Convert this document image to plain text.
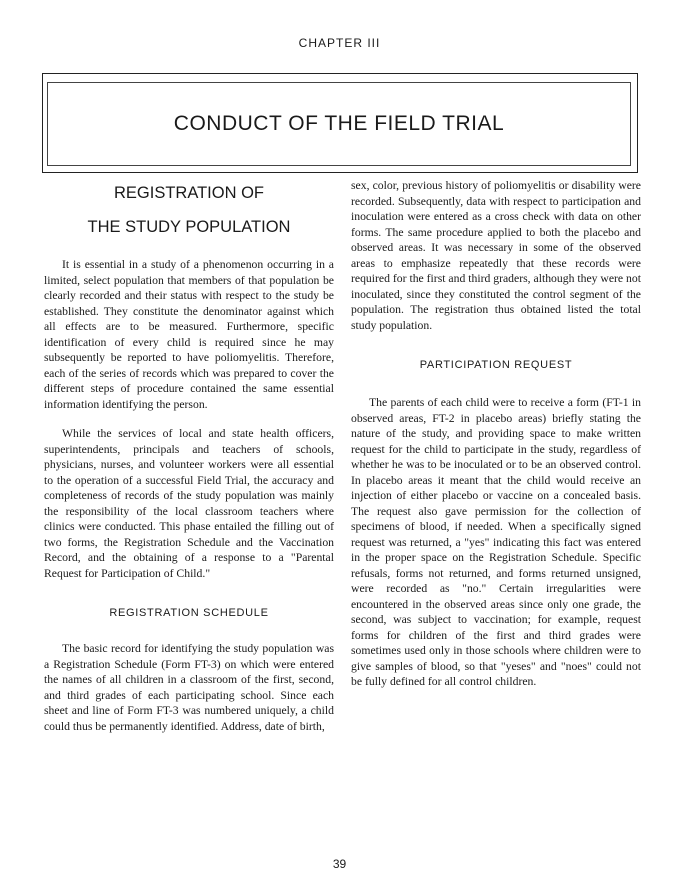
CHAPTER III
CONDUCT OF THE FIELD TRIAL
REGISTRATION OF
THE STUDY POPULATION

It is essential in a study of a phenomenon occurring in a limited, select population that members of that population be clearly recorded and their status with respect to the study be established. They constitute the denominator against which all effects are to be measured. Furthermore, specific identification of every child is required since he may subsequently be reported to have poliomyelitis. Therefore, each of the series of records which was prepared to cover the different steps of procedure contained the same essential information identifying the person.

While the services of local and state health officers, superintendents, principals and teachers of schools, physicians, nurses, and volunteer workers were all essential to the operation of a successful Field Trial, the accuracy and completeness of records of the study population was mainly the responsibility of the local classroom teachers where clinics were conducted. This phase entailed the filling out of two forms, the Registration Schedule and the Vaccination Record, and the obtaining of a response to a "Parental Request for Participation of Child."

REGISTRATION SCHEDULE

The basic record for identifying the study population was a Registration Schedule (Form FT-3) on which were entered the names of all children in a classroom of the first, second, and third grades of each participating school. Since each sheet and line of Form FT-3 was numbered uniquely, a child could thus be permanently identified. Address, date of birth,

sex, color, previous history of poliomyelitis or disability were recorded. Subsequently, data with respect to participation and inoculation were entered as a cross check with data on other forms. The same procedure applied to both the placebo and observed areas. It was necessary in some of the observed areas to emphasize repeatedly that these records were required for the first and third graders, although they were not inoculated, since they constituted the control segment of the population. The registration thus obtained listed the total study population.

PARTICIPATION REQUEST

The parents of each child were to receive a form (FT-1 in observed areas, FT-2 in placebo areas) briefly stating the nature of the study, and providing space to make written request for the child to participate in the study, regardless of whether he was to be inoculated or to be an observed control. In placebo areas it meant that the child would receive an injection of either placebo or vaccine on a concealed basis. The request also gave permission for the collection of specimens of blood, if needed. When a specifically signed request was returned, a "yes" indicating this fact was entered in the proper space on the Registration Schedule. Specific refusals, forms not returned, and forms returned unsigned, were recorded as "no." Certain irregularities were encountered in the observed areas since only one grade, the second, was subject to vaccination; for example, request forms for children of the first and third grades were sometimes used only in those schools where children were to give samples of blood, so that "yeses" and "noes" could not be fully defined for all control children.

39
